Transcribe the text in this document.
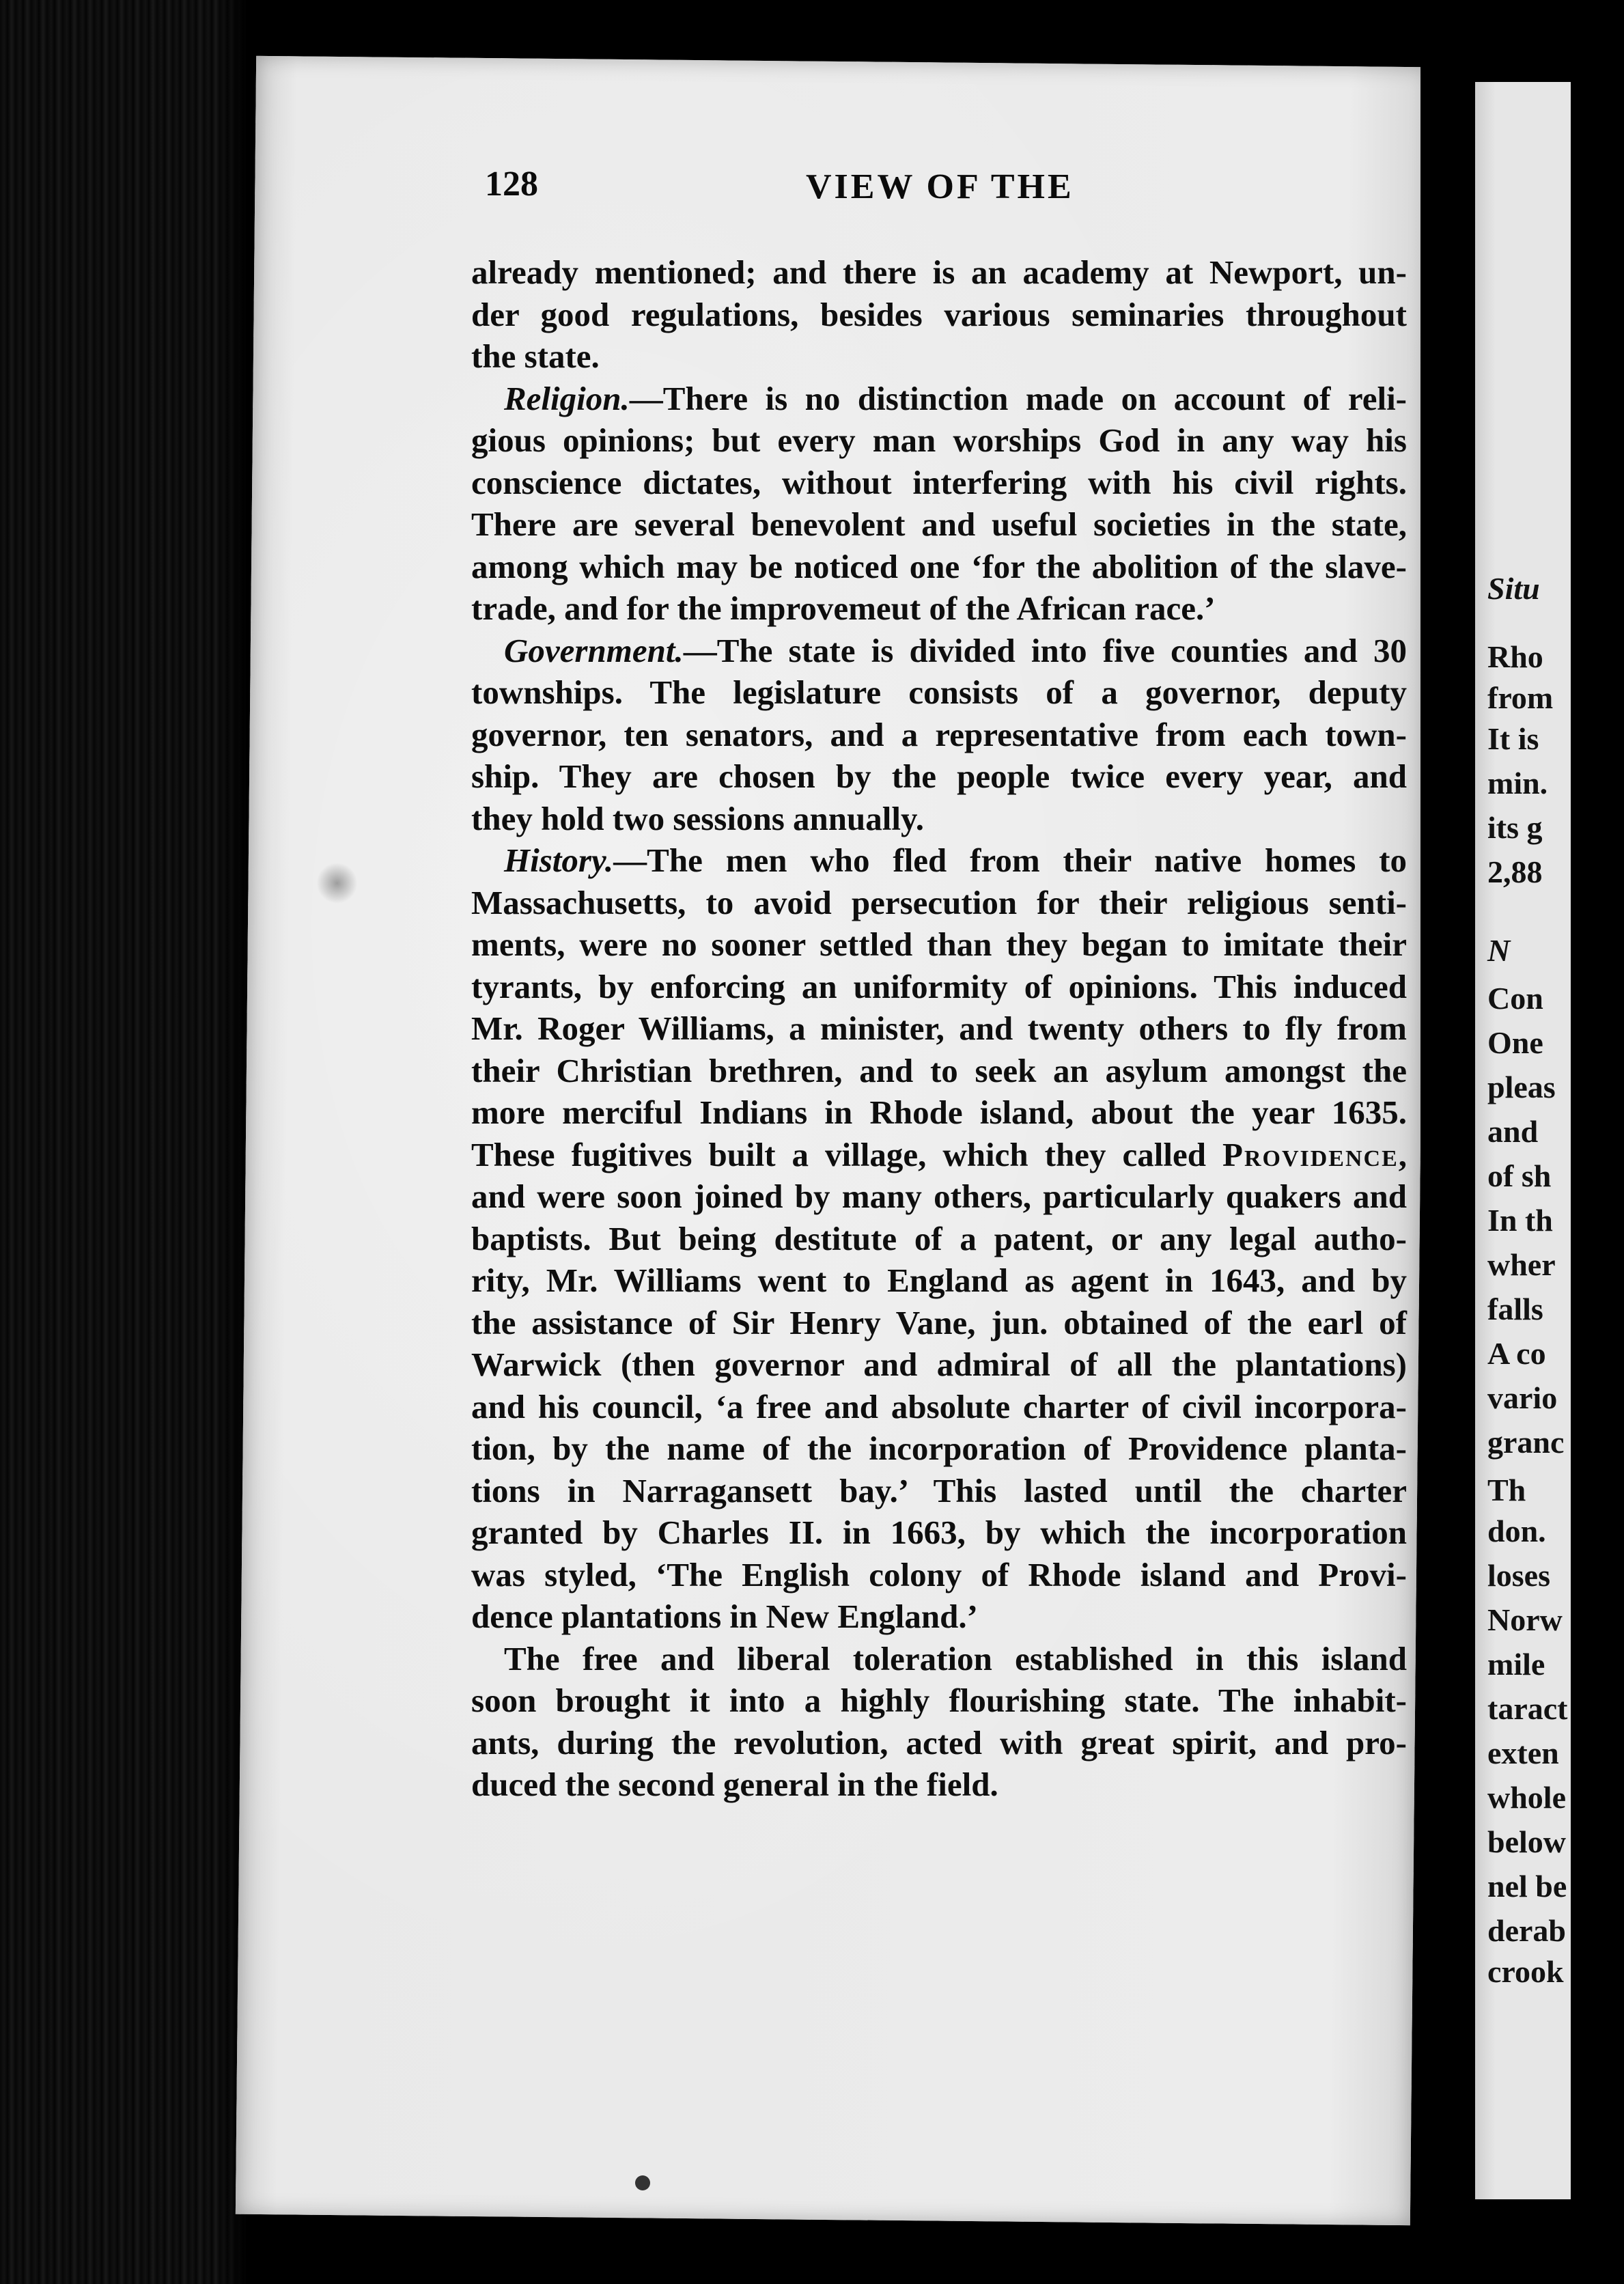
128	VIEW OF THE
already mentioned; and there is an academy at Newport, un-
der good regulations, besides various seminaries throughout
the state.
Religion.—There is no distinction made on account of reli-
gious opinions; but every man worships God in any way his
conscience dictates, without interfering with his civil rights.
There are several benevolent and useful societies in the state,
among which may be noticed one ‘for the abolition of the slave-
trade, and for the improvemeut of the African race.’
Government.—The state is divided into five counties and 30
townships. The legislature consists of a governor, deputy
governor, ten senators, and a representative from each town-
ship. They are chosen by the people twice every year, and
they hold two sessions annually.
History.—The men who fled from their native homes to
Massachusetts, to avoid persecution for their religious senti-
ments, were no sooner settled than they began to imitate their
tyrants, by enforcing an uniformity of opinions. This induced
Mr. Roger Williams, a minister, and twenty others to fly from
their Christian brethren, and to seek an asylum amongst the
more merciful Indians in Rhode island, about the year 1635.
These fugitives built a village, which they called Providence,
and were soon joined by many others, particularly quakers and
baptists. But being destitute of a patent, or any legal autho-
rity, Mr. Williams went to England as agent in 1643, and by
the assistance of Sir Henry Vane, jun. obtained of the earl of
Warwick (then governor and admiral of all the plantations)
and his council, ‘a free and absolute charter of civil incorpora-
tion, by the name of the incorporation of Providence planta-
tions in Narragansett bay.’ This lasted until the charter
granted by Charles II. in 1663, by which the incorporation
was styled, ‘The English colony of Rhode island and Provi-
dence plantations in New England.’
The free and liberal toleration established in this island
soon brought it into a highly flourishing state. The inhabit-
ants, during the revolution, acted with great spirit, and pro-
duced the second general in the field.
Situ
Rho
from
It is
min.
its g
2,88
N
Con
One
pleas
and
of sh
In th
wher
falls
A co
vario
granc
Th
don.
loses
Norw
mile
taract
exten
whole
below
nel be
derab
crook
